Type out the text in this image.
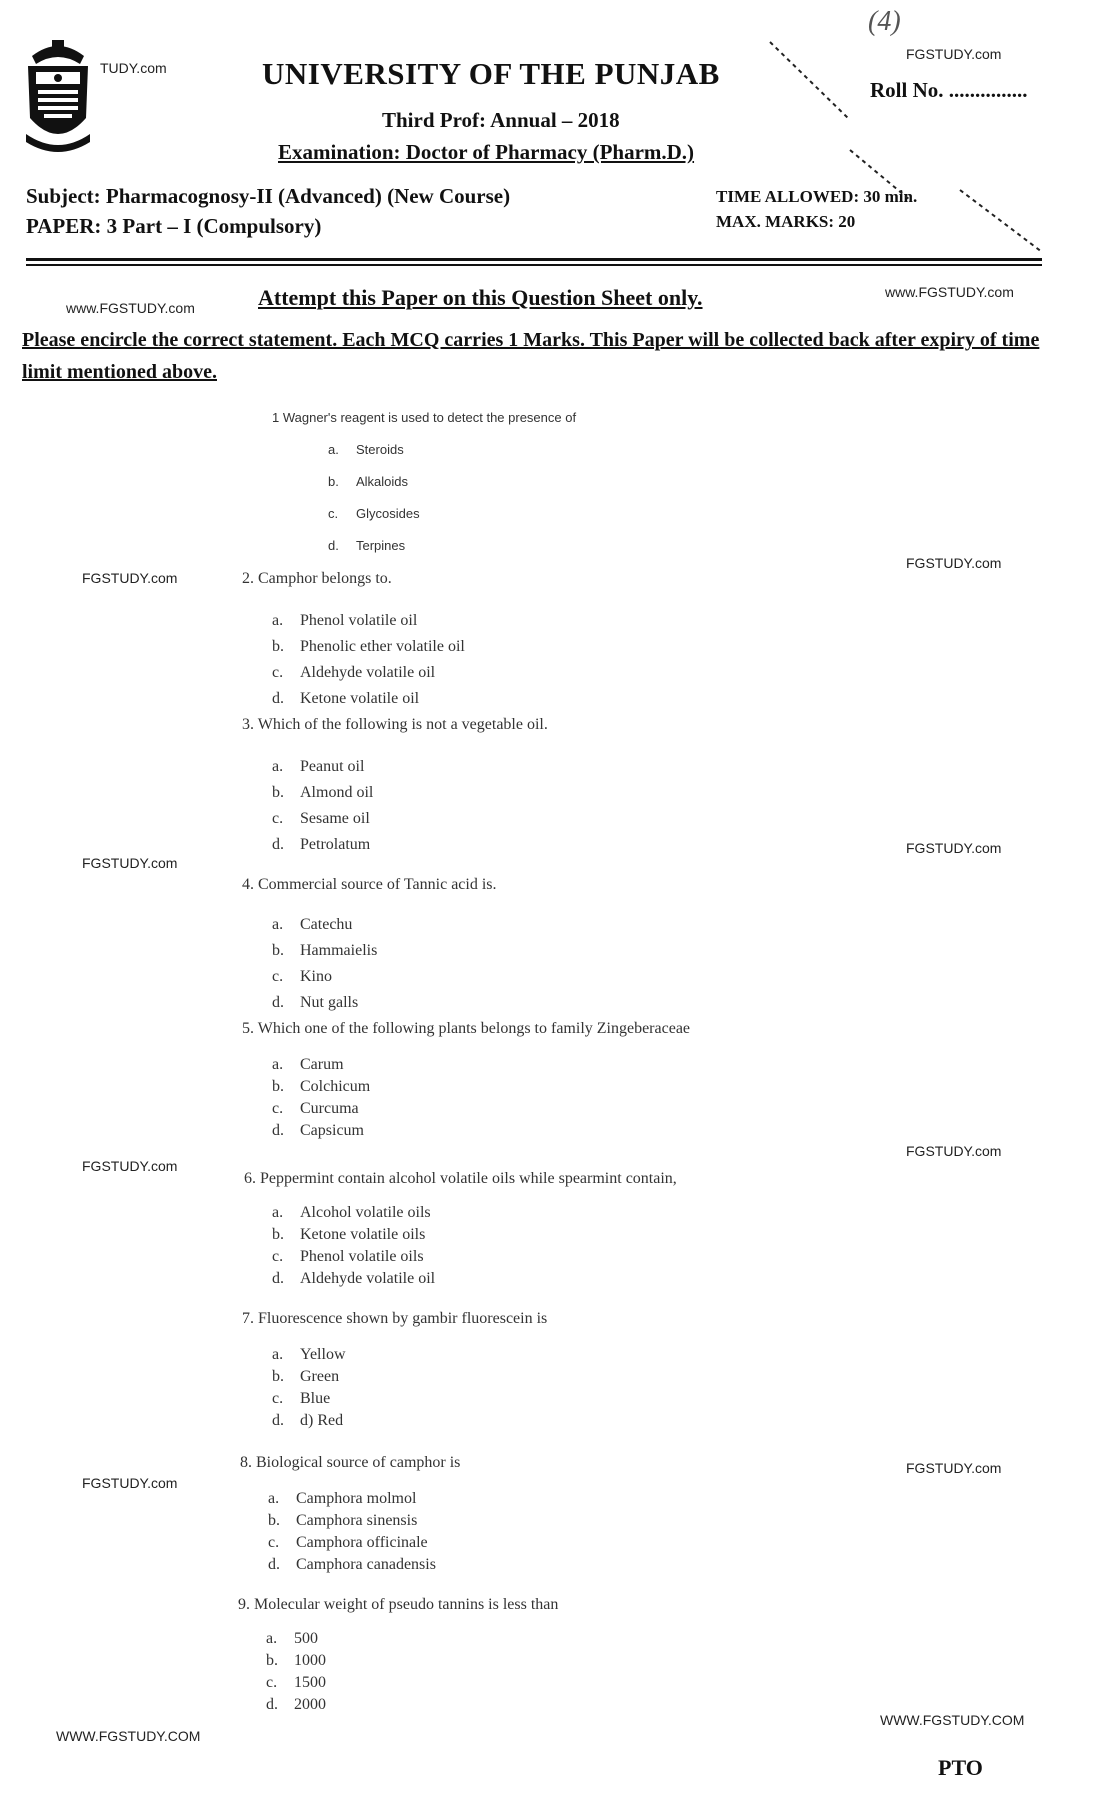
TUDY.com
(4)
FGSTUDY.com
UNIVERSITY OF THE PUNJAB	Roll No. ...............
Third Prof: Annual – 2018
Examination: Doctor of Pharmacy (Pharm.D.)
Subject: Pharmacognosy-II (Advanced) (New Course)
PAPER: 3 Part – I (Compulsory)
TIME ALLOWED: 30 min.
MAX. MARKS: 20
www.FGSTUDY.com	Attempt this Paper on this Question Sheet only.	www.FGSTUDY.com
Please encircle the correct statement. Each MCQ carries 1 Marks. This Paper will be collected back after expiry of time limit mentioned above.
FGSTUDY.com
FGSTUDY.com
FGSTUDY.com
FGSTUDY.com
FGSTUDY.com
FGSTUDY.com
FGSTUDY.com
FGSTUDY.com
1 Wagner's reagent is used to detect the presence of
a. Steroids
b. Alkaloids
c. Glycosides
d. Terpines
2. Camphor belongs to.
a. Phenol volatile oil
b. Phenolic ether volatile oil
c. Aldehyde volatile oil
d. Ketone volatile oil
3. Which of the following is not a vegetable oil.
a. Peanut oil
b. Almond oil
c. Sesame oil
d. Petrolatum
4. Commercial source of Tannic acid is.
a. Catechu
b. Hammaielis
c. Kino
d. Nut galls
5. Which one of the following plants belongs to family Zingeberaceae
a. Carum
b. Colchicum
c. Curcuma
d. Capsicum
6. Peppermint contain alcohol volatile oils while spearmint contain,
a. Alcohol volatile oils
b. Ketone volatile oils
c. Phenol volatile oils
d. Aldehyde volatile oil
7. Fluorescence shown by gambir fluorescein is
a. Yellow
b. Green
c. Blue
d. d) Red
8. Biological source of camphor is
a. Camphora molmol
b. Camphora sinensis
c. Camphora officinale
d. Camphora canadensis
9. Molecular weight of pseudo tannins is less than
a. 500
b. 1000
c. 1500
d. 2000
WWW.FGSTUDY.COM
WWW.FGSTUDY.COM
PTO
